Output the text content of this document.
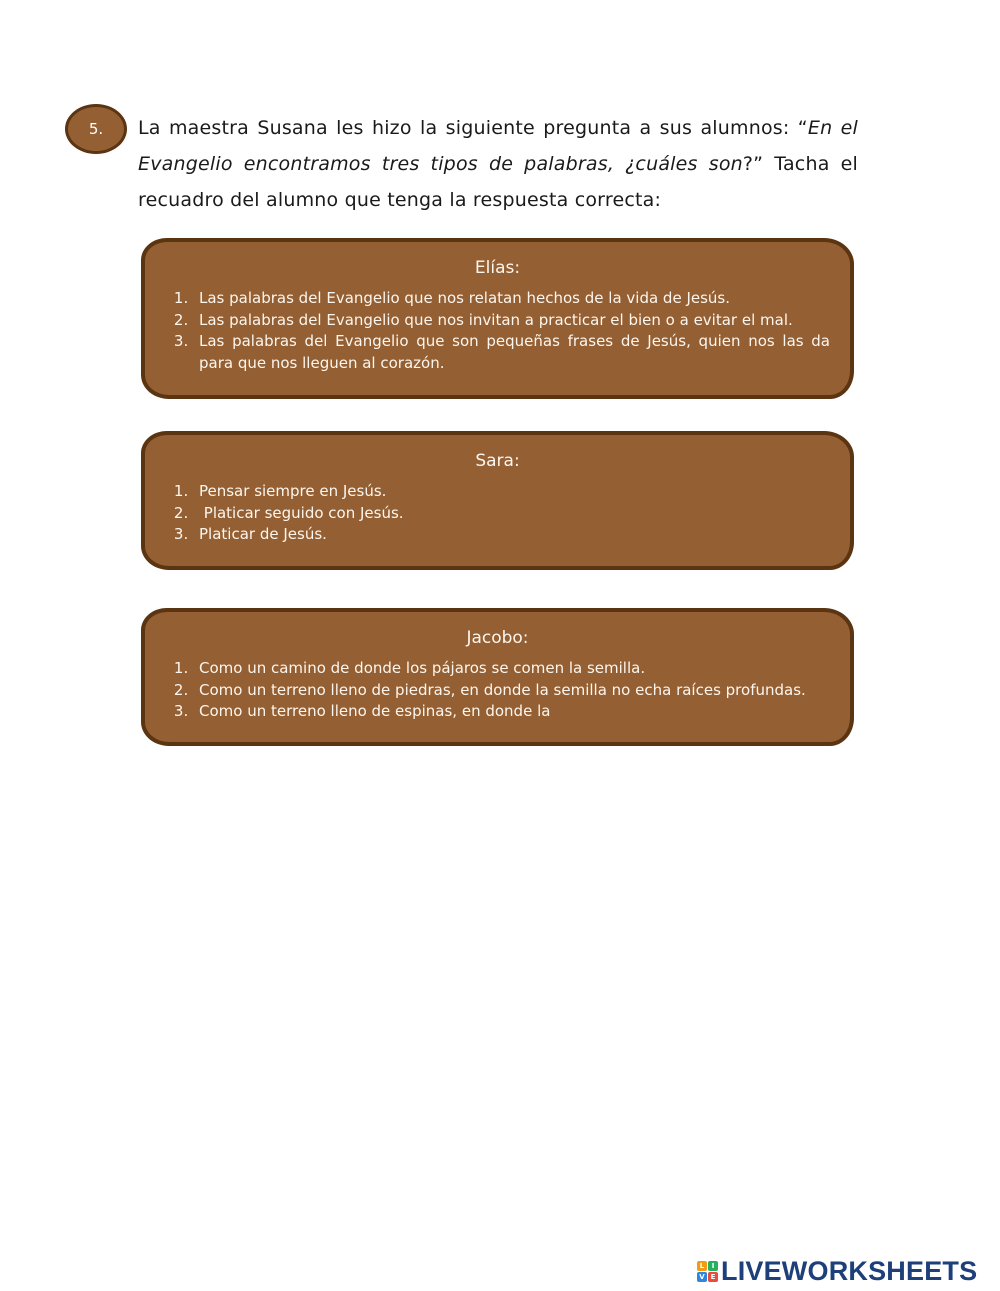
5. La maestra Susana les hizo la siguiente pregunta a sus alumnos: “En el Evangelio encontramos tres tipos de palabras, ¿cuáles son?” Tacha el recuadro del alumno que tenga la respuesta correcta:
Elías:
1. Las palabras del Evangelio que nos relatan hechos de la vida de Jesús.
2. Las palabras del Evangelio que nos invitan a practicar el bien o a evitar el mal.
3. Las palabras del Evangelio que son pequeñas frases de Jesús, quien nos las da para que nos lleguen al corazón.
Sara:
1. Pensar siempre en Jesús.
2.  Platicar seguido con Jesús.
3. Platicar de Jesús.
Jacobo:
1. Como un camino de donde los pájaros se comen la semilla.
2. Como un terreno lleno de piedras, en donde la semilla no echa raíces profundas.
3. Como un terreno lleno de espinas, en donde la
L	I
V E LIVEWORKSHEETS
